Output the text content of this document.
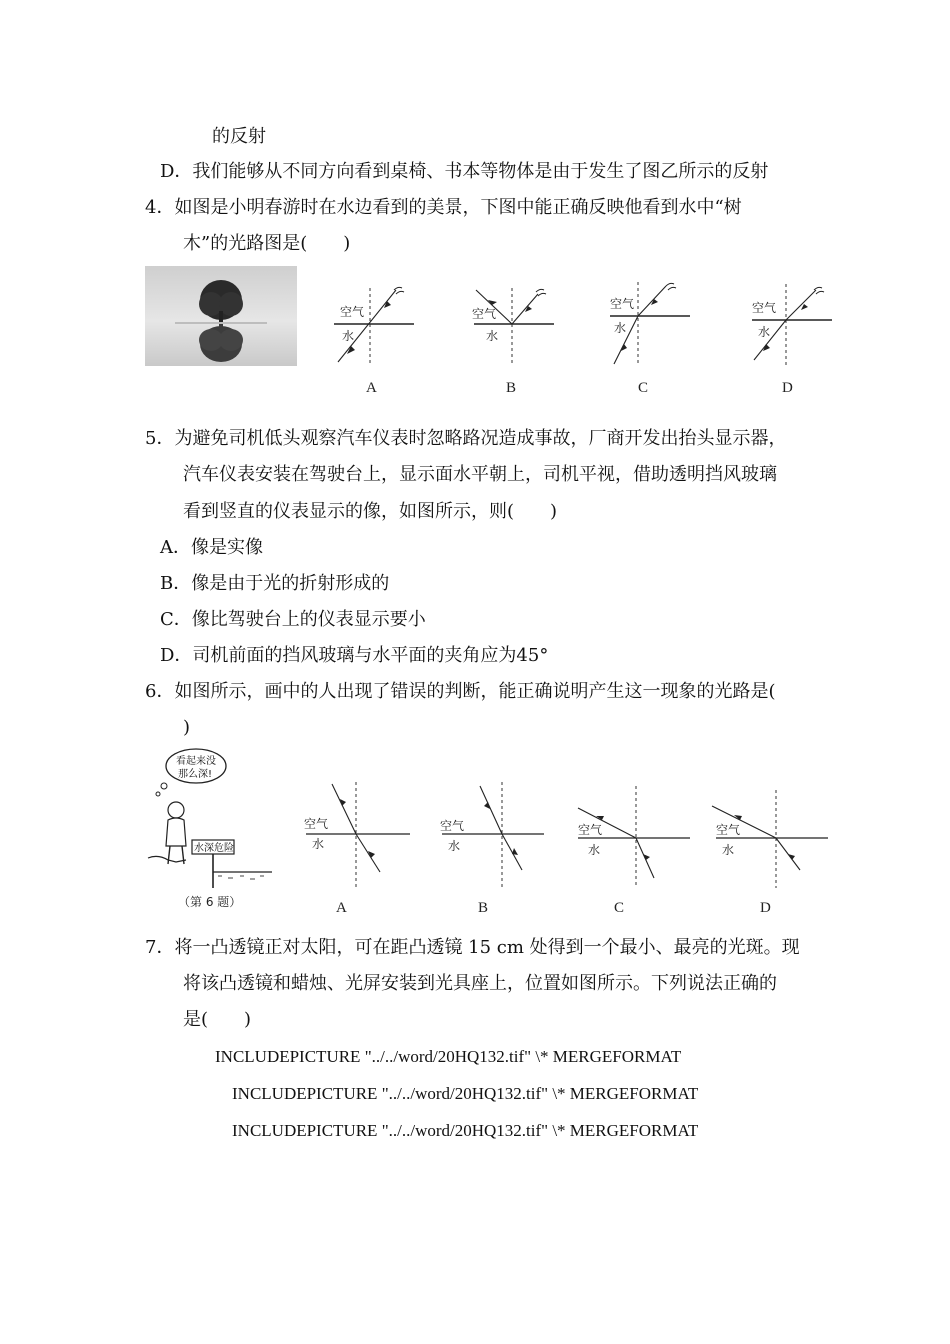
的反射
D．我们能够从不同方向看到桌椅、书本等物体是由于发生了图乙所示的反射
4．如图是小明春游时在水边看到的美景，下图中能正确反映他看到水中“树
木”的光路图是(　　)
空气
水
A
空气
水
B
空气
水
C
空气
水
D
5．为避免司机低头观察汽车仪表时忽略路况造成事故，厂商开发出抬头显示器，
汽车仪表安装在驾驶台上，显示面水平朝上，司机平视，借助透明挡风玻璃
看到竖直的仪表显示的像，如图所示，则(　　)
A．像是实像
B．像是由于光的折射形成的
C．像比驾驶台上的仪表显示要小
D．司机前面的挡风玻璃与水平面的夹角应为45°
6．如图所示，画中的人出现了错误的判断，能正确说明产生这一现象的光路是(
)
看起来没
那么深!
水深危险
（第 6 题）
空气
水
A
空气
水
B
空气
水
C
空气
水
D
7．将一凸透镜正对太阳，可在距凸透镜 15 cm 处得到一个最小、最亮的光斑。现
将该凸透镜和蜡烛、光屏安装到光具座上，位置如图所示。下列说法正确的
是(　　)
INCLUDEPICTURE "../../word/20HQ132.tif" \* MERGEFORMAT
INCLUDEPICTURE "../../word/20HQ132.tif" \* MERGEFORMAT
INCLUDEPICTURE "../../word/20HQ132.tif" \* MERGEFORMAT
